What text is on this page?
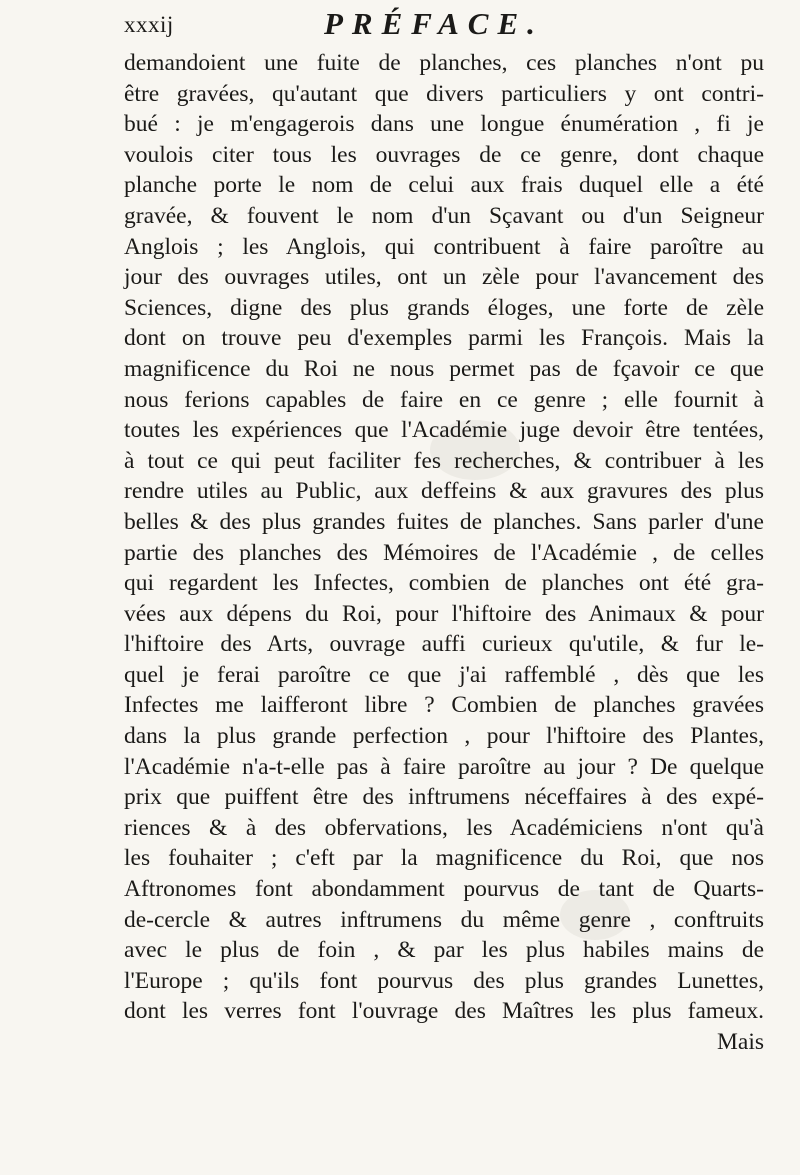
xxxij	PRÉFACE.
demandoient une fuite de planches, ces planches n'ont pu
être gravées, qu'autant que divers particuliers y ont contri-
bué : je m'engagerois dans une longue énumération , fi je
voulois citer tous les ouvrages de ce genre, dont chaque
planche porte le nom de celui aux frais duquel elle a été
gravée, & fouvent le nom d'un Sçavant ou d'un Seigneur
Anglois ; les Anglois, qui contribuent à faire paroître au
jour des ouvrages utiles, ont un zèle pour l'avancement des
Sciences, digne des plus grands éloges, une forte de zèle
dont on trouve peu d'exemples parmi les François. Mais la
magnificence du Roi ne nous permet pas de fçavoir ce que
nous ferions capables de faire en ce genre ; elle fournit à
toutes les expériences que l'Académie juge devoir être tentées,
à tout ce qui peut faciliter fes recherches, & contribuer à les
rendre utiles au Public, aux deffeins & aux gravures des plus
belles & des plus grandes fuites de planches. Sans parler d'une
partie des planches des Mémoires de l'Académie , de celles
qui regardent les Infectes, combien de planches ont été gra-
vées aux dépens du Roi, pour l'hiftoire des Animaux & pour
l'hiftoire des Arts, ouvrage auffi curieux qu'utile, & fur le-
quel je ferai paroître ce que j'ai raffemblé , dès que les
Infectes me laifferont libre ? Combien de planches gravées
dans la plus grande perfection , pour l'hiftoire des Plantes,
l'Académie n'a-t-elle pas à faire paroître au jour ? De quelque
prix que puiffent être des inftrumens néceffaires à des expé-
riences & à des obfervations, les Académiciens n'ont qu'à
les fouhaiter ; c'eft par la magnificence du Roi, que nos
Aftronomes font abondamment pourvus de tant de Quarts-
de-cercle & autres inftrumens du même genre , conftruits
avec le plus de foin , & par les plus habiles mains de
l'Europe ; qu'ils font pourvus des plus grandes Lunettes,
dont les verres font l'ouvrage des Maîtres les plus fameux.
Mais
